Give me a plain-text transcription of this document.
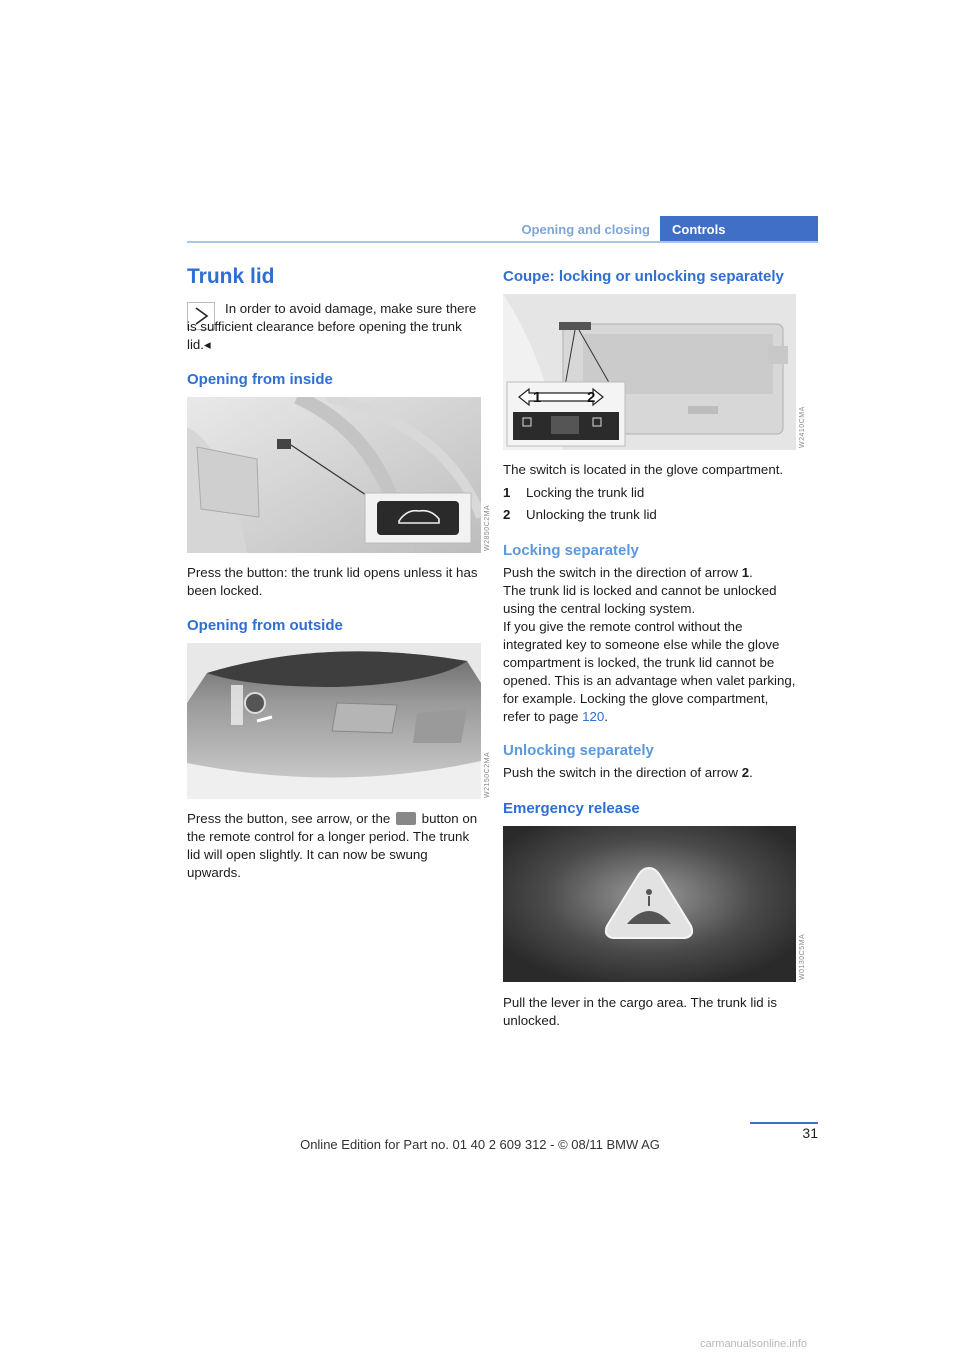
Opening and closing	Controls
Trunk lid

In order to avoid damage, make sure there is sufficient clearance before opening the trunk lid.◂

Opening from inside
W2850C2MA

Press the button: the trunk lid opens unless it has been locked.

Opening from outside
W2150C2MA

Press the button, see arrow, or the button on the remote control for a longer period. The trunk lid will open slightly. It can now be swung upwards.

Coupe: locking or unlocking separately
1	2
W2410CMA

The switch is located in the glove compartment.

1 Locking the trunk lid

2 Unlocking the trunk lid

Locking separately

Push the switch in the direction of arrow 1.

The trunk lid is locked and cannot be unlocked using the central locking system.

If you give the remote control without the integrated key to someone else while the glove compartment is locked, the trunk lid cannot be opened. This is an advantage when valet parking, for example. Locking the glove compartment, refer to page 120.

Unlocking separately

Push the switch in the direction of arrow 2.

Emergency release
W0130C5MA

Pull the lever in the cargo area. The trunk lid is unlocked.

31
Online Edition for Part no. 01 40 2 609 312 - © 08/11 BMW AG
carmanualsonline.info
